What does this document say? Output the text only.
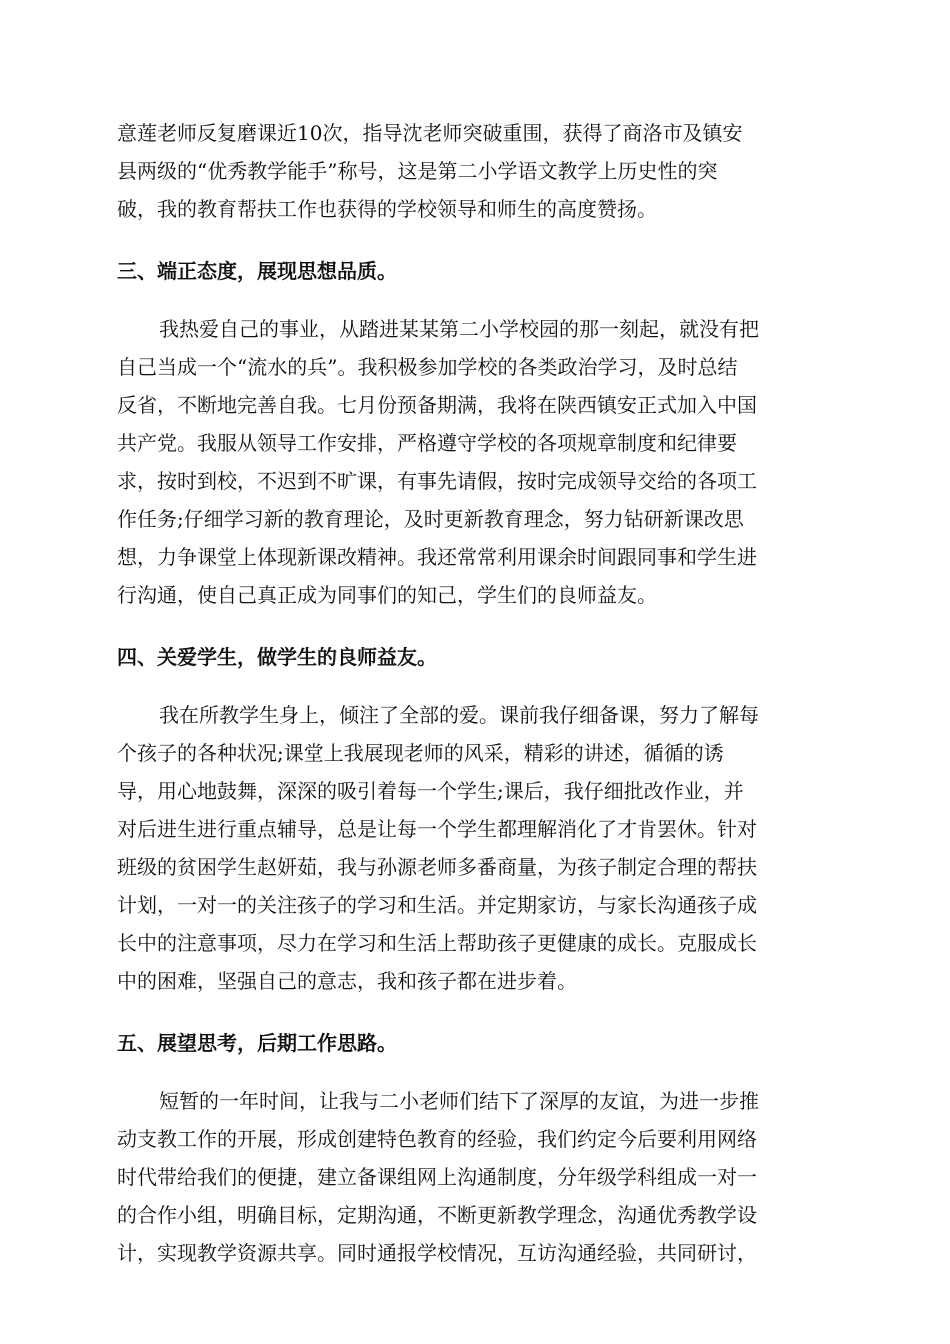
意莲老师反复磨课近10次，指导沈老师突破重围，获得了商洛市及镇安
县两级的“优秀教学能手”称号，这是第二小学语文教学上历史性的突
破，我的教育帮扶工作也获得的学校领导和师生的高度赞扬。
三、端正态度，展现思想品质。
我热爱自己的事业，从踏进某某第二小学校园的那一刻起，就没有把
自己当成一个“流水的兵”。我积极参加学校的各类政治学习，及时总结
反省，不断地完善自我。七月份预备期满，我将在陕西镇安正式加入中国
共产党。我服从领导工作安排，严格遵守学校的各项规章制度和纪律要
求，按时到校，不迟到不旷课，有事先请假，按时完成领导交给的各项工
作任务;仔细学习新的教育理论，及时更新教育理念，努力钻研新课改思
想，力争课堂上体现新课改精神。我还常常利用课余时间跟同事和学生进
行沟通，使自己真正成为同事们的知己，学生们的良师益友。
四、关爱学生，做学生的良师益友。
我在所教学生身上，倾注了全部的爱。课前我仔细备课，努力了解每
个孩子的各种状况;课堂上我展现老师的风采，精彩的讲述，循循的诱
导，用心地鼓舞，深深的吸引着每一个学生;课后，我仔细批改作业，并
对后进生进行重点辅导，总是让每一个学生都理解消化了才肯罢休。针对
班级的贫困学生赵妍茹，我与孙源老师多番商量，为孩子制定合理的帮扶
计划，一对一的关注孩子的学习和生活。并定期家访，与家长沟通孩子成
长中的注意事项，尽力在学习和生活上帮助孩子更健康的成长。克服成长
中的困难，坚强自己的意志，我和孩子都在进步着。
五、展望思考，后期工作思路。
短暂的一年时间，让我与二小老师们结下了深厚的友谊，为进一步推
动支教工作的开展，形成创建特色教育的经验，我们约定今后要利用网络
时代带给我们的便捷，建立备课组网上沟通制度，分年级学科组成一对一
的合作小组，明确目标，定期沟通，不断更新教学理念，沟通优秀教学设
计，实现教学资源共享。同时通报学校情况，互访沟通经验，共同研讨，
